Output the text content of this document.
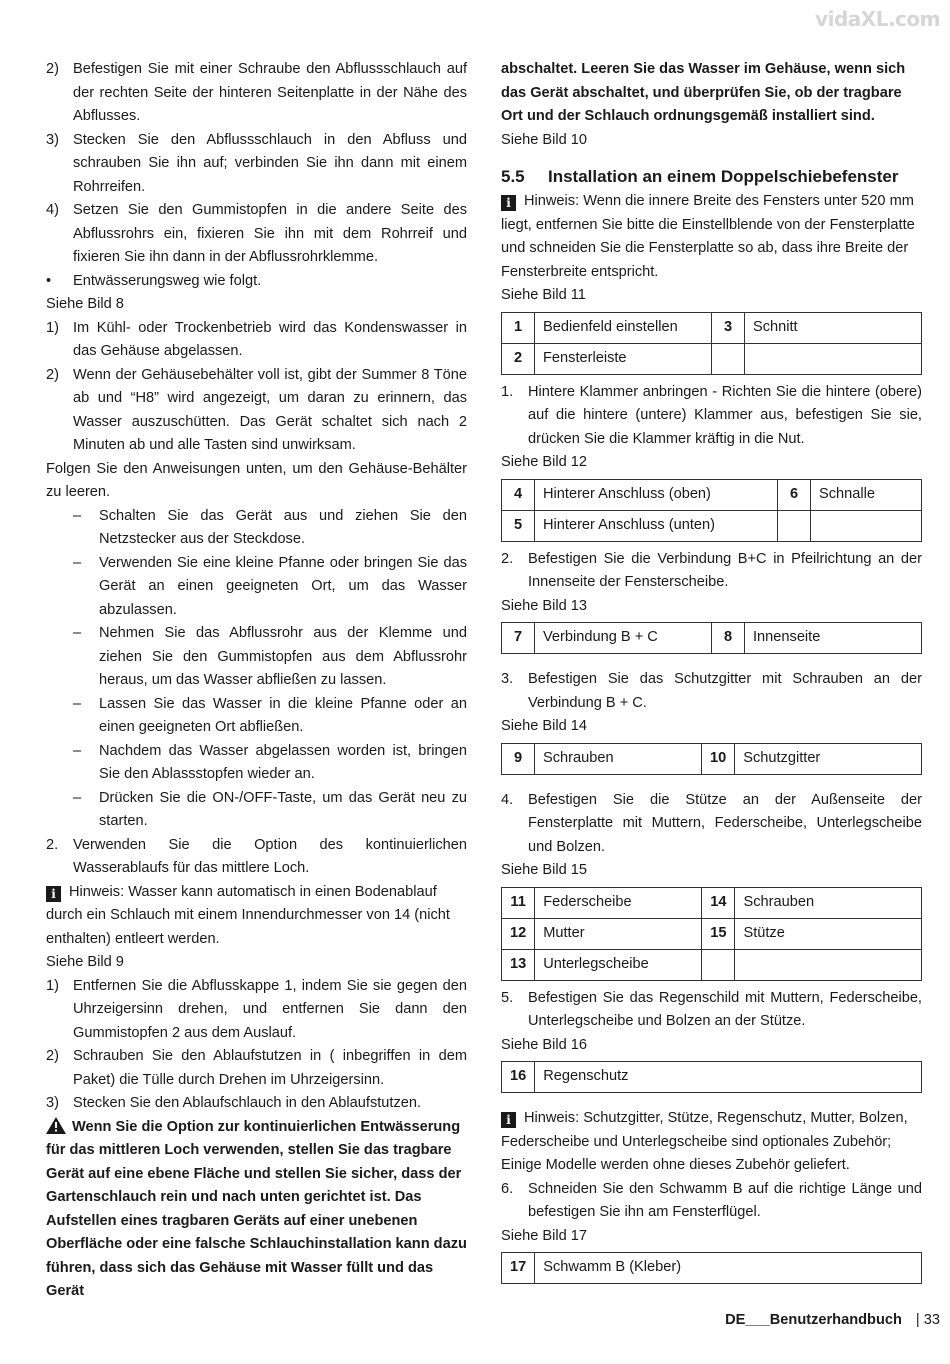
vidaXL.com
2) Befestigen Sie mit einer Schraube den Abflussschlauch auf der rechten Seite der hinteren Seitenplatte in der Nähe des Abflusses.
3) Stecken Sie den Abflussschlauch in den Abfluss und schrauben Sie ihn auf; verbinden Sie ihn dann mit einem Rohrreifen.
4) Setzen Sie den Gummistopfen in die andere Seite des Abflussrohrs ein, fixieren Sie ihn mit dem Rohrreif und fixieren Sie ihn dann in der Abflussrohrklemme.
• Entwässerungsweg wie folgt.
Siehe Bild 8
1) Im Kühl- oder Trockenbetrieb wird das Kondenswasser in das Gehäuse abgelassen.
2) Wenn der Gehäusebehälter voll ist, gibt der Summer 8 Töne ab und “H8” wird angezeigt, um daran zu erinnern, das Wasser auszuschütten. Das Gerät schaltet sich nach 2 Minuten ab und alle Tasten sind unwirksam.
Folgen Sie den Anweisungen unten, um den Gehäuse-Behälter zu leeren.
– Schalten Sie das Gerät aus und ziehen Sie den Netzstecker aus der Steckdose.
– Verwenden Sie eine kleine Pfanne oder bringen Sie das Gerät an einen geeigneten Ort, um das Wasser abzulassen.
– Nehmen Sie das Abflussrohr aus der Klemme und ziehen Sie den Gummistopfen aus dem Abflussrohr heraus, um das Wasser abfließen zu lassen.
– Lassen Sie das Wasser in die kleine Pfanne oder an einen geeigneten Ort abfließen.
– Nachdem das Wasser abgelassen worden ist, bringen Sie den Ablassstopfen wieder an.
– Drücken Sie die ON-/OFF-Taste, um das Gerät neu zu starten.
2. Verwenden Sie die Option des kontinuierlichen Wasserablaufs für das mittlere Loch.
i Hinweis: Wasser kann automatisch in einen Bodenablauf durch ein Schlauch mit einem Innendurchmesser von 14 (nicht enthalten) entleert werden.
Siehe Bild 9
1) Entfernen Sie die Abflusskappe 1, indem Sie sie gegen den Uhrzeigersinn drehen, und entfernen Sie dann den Gummistopfen 2 aus dem Auslauf.
2) Schrauben Sie den Ablaufstutzen in ( inbegriffen in dem Paket) die Tülle durch Drehen im Uhrzeigersinn.
3) Stecken Sie den Ablaufschlauch in den Ablaufstutzen.
Wenn Sie die Option zur kontinuierlichen Entwässerung für das mittleren Loch verwenden, stellen Sie das tragbare Gerät auf eine ebene Fläche und stellen Sie sicher, dass der Gartenschlauch rein und nach unten gerichtet ist. Das Aufstellen eines tragbaren Geräts auf einer unebenen Oberfläche oder eine falsche Schlauchinstallation kann dazu führen, dass sich das Gehäuse mit Wasser füllt und das Gerät
abschaltet. Leeren Sie das Wasser im Gehäuse, wenn sich das Gerät abschaltet, und überprüfen Sie, ob der tragbare Ort und der Schlauch ordnungsgemäß installiert sind.
Siehe Bild 10
5.5 Installation an einem Doppelschiebefenster
i Hinweis: Wenn die innere Breite des Fensters unter 520 mm liegt, entfernen Sie bitte die Einstellblende von der Fensterplatte und schneiden Sie die Fensterplatte so ab, dass ihre Breite der Fensterbreite entspricht.
Siehe Bild 11
1	Bedienfeld einstellen	3	Schnitt
2	Fensterleiste		
1. Hintere Klammer anbringen - Richten Sie die hintere (obere) auf die hintere (untere) Klammer aus, befestigen Sie sie, drücken Sie die Klammer kräftig in die Nut.
Siehe Bild 12
4	Hinterer Anschluss (oben)	6	Schnalle
5	Hinterer Anschluss (unten)		
2. Befestigen Sie die Verbindung B+C in Pfeilrichtung an der Innenseite der Fensterscheibe.
Siehe Bild 13
7	Verbindung B + C	8	Innenseite
3. Befestigen Sie das Schutzgitter mit Schrauben an der Verbindung B + C.
Siehe Bild 14
9	Schrauben	10	Schutzgitter
4. Befestigen Sie die Stütze an der Außenseite der Fensterplatte mit Muttern, Federscheibe, Unterlegscheibe und Bolzen.
Siehe Bild 15
11	Federscheibe	14	Schrauben
12	Mutter	15	Stütze
13	Unterlegscheibe		
5. Befestigen Sie das Regenschild mit Muttern, Federscheibe, Unterlegscheibe und Bolzen an der Stütze.
Siehe Bild 16
16	Regenschutz
i Hinweis: Schutzgitter, Stütze, Regenschutz, Mutter, Bolzen, Federscheibe und Unterlegscheibe sind optionales Zubehör; Einige Modelle werden ohne dieses Zubehör geliefert.
6. Schneiden Sie den Schwamm B auf die richtige Länge und befestigen Sie ihn am Fensterflügel.
Siehe Bild 17
17	Schwamm B (Kleber)
DE___Benutzerhandbuch | 33
